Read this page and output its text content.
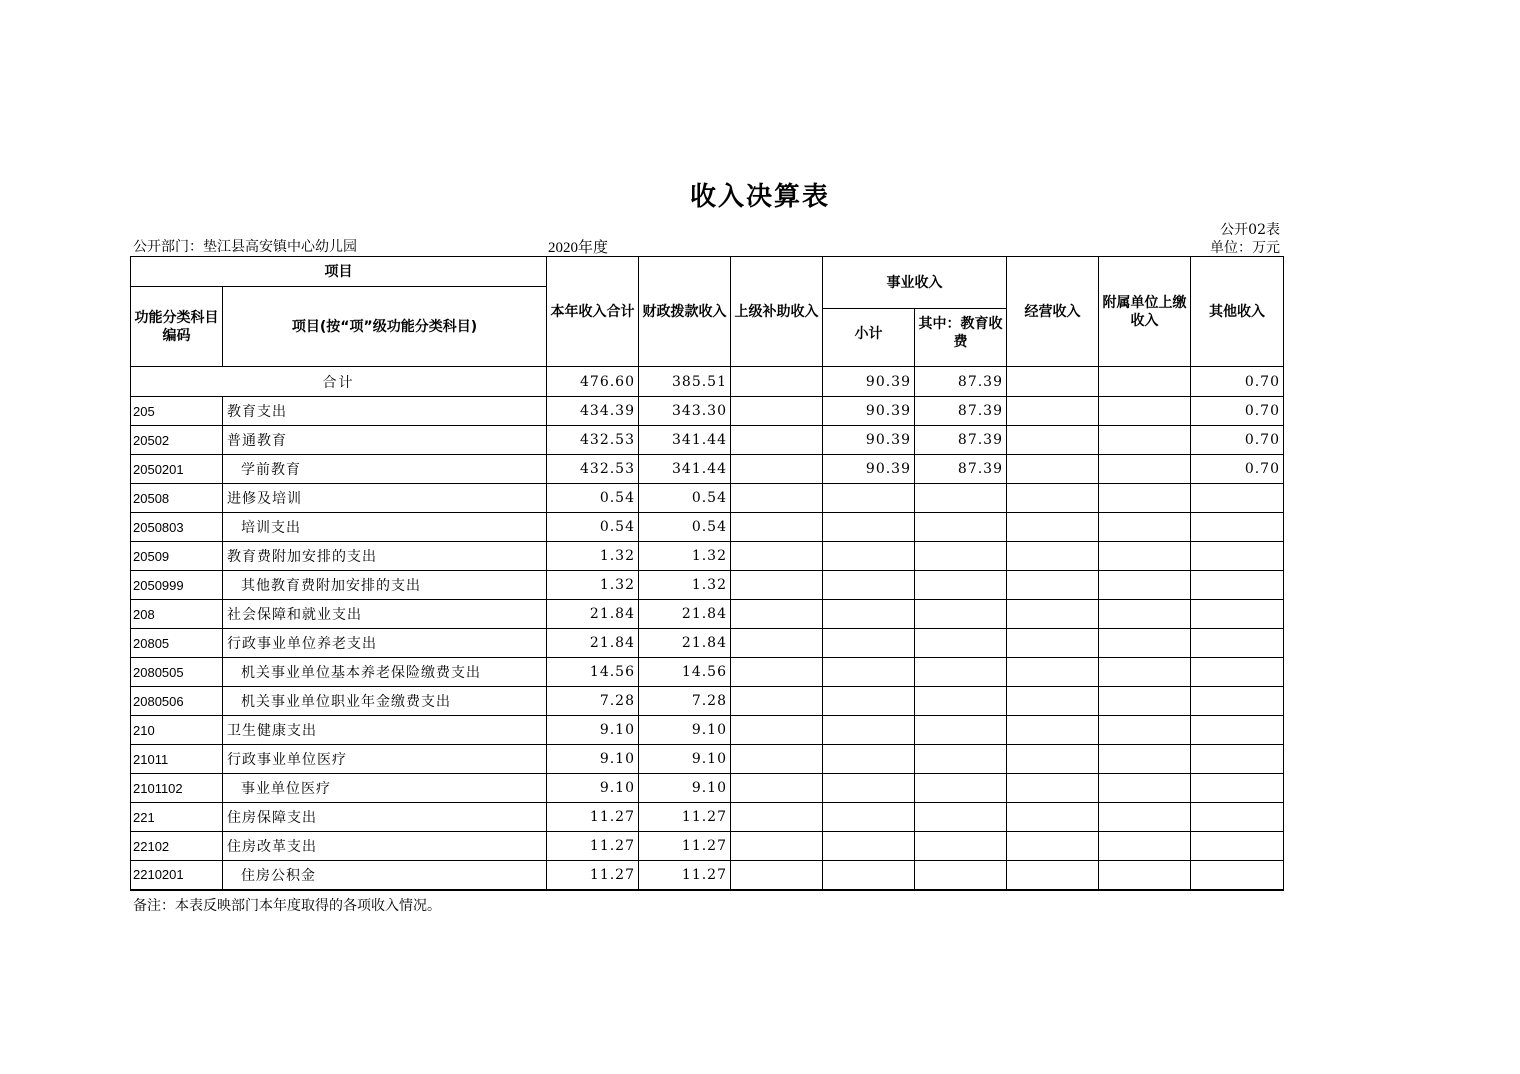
收入决算表
公开02表
公开部门：垫江县高安镇中心幼儿园	2020年度	单位：万元
项目		本年收入合计	财政拨款收入	上级补助收入	事业收入		经营收入	附属单位上缴收入	其他收入
功能分类科目编码	项目(按“项”级功能分类科目)								
					小计	其中：教育收费			
合计		476.60	385.51		90.39	87.39			0.70
205	教育支出	434.39	343.30		90.39	87.39			0.70
20502	普通教育	432.53	341.44		90.39	87.39			0.70
2050201	学前教育	432.53	341.44		90.39	87.39			0.70
20508	进修及培训	0.54	0.54						
2050803	培训支出	0.54	0.54						
20509	教育费附加安排的支出	1.32	1.32						
2050999	其他教育费附加安排的支出	1.32	1.32						
208	社会保障和就业支出	21.84	21.84						
20805	行政事业单位养老支出	21.84	21.84						
2080505	机关事业单位基本养老保险缴费支出	14.56	14.56						
2080506	机关事业单位职业年金缴费支出	7.28	7.28						
210	卫生健康支出	9.10	9.10						
21011	行政事业单位医疗	9.10	9.10						
2101102	事业单位医疗	9.10	9.10						
221	住房保障支出	11.27	11.27						
22102	住房改革支出	11.27	11.27						
2210201	住房公积金	11.27	11.27						
备注：本表反映部门本年度取得的各项收入情况。
